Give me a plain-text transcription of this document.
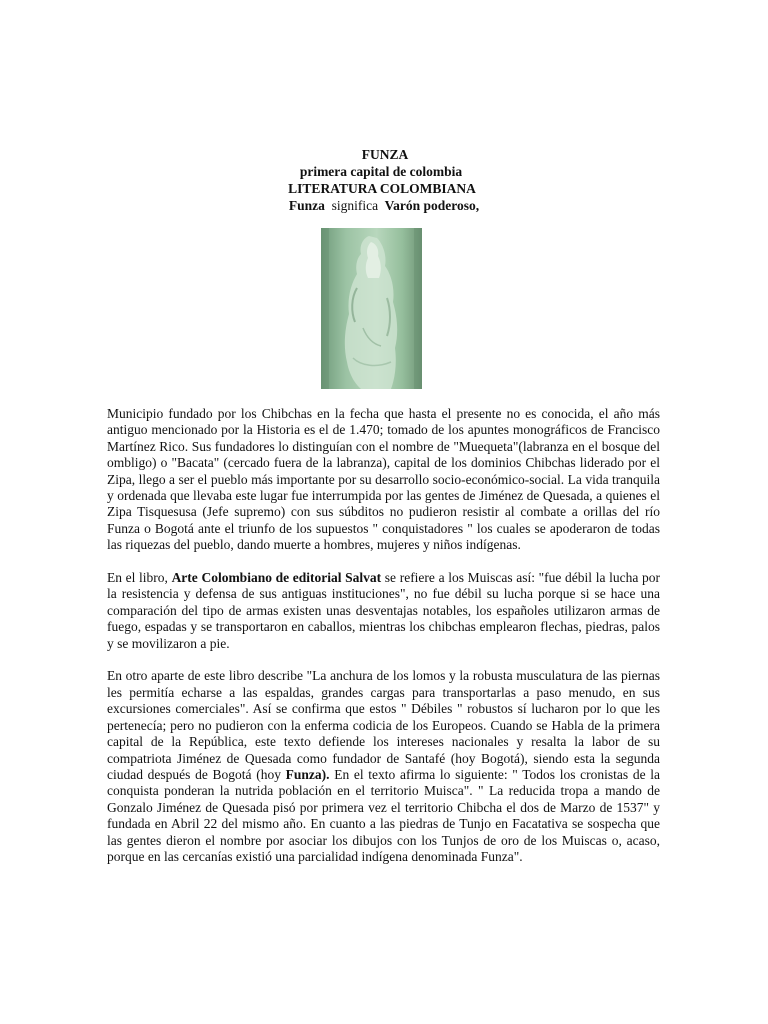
FUNZA
primera capital de colombia
LITERATURA COLOMBIANA
Funza significa Varón poderoso,

Municipio fundado por los Chibchas en la fecha que hasta el presente no es conocida, el año más antiguo mencionado por la Historia es el de 1.470; tomado de los apuntes monográficos de Francisco Martínez Rico. Sus fundadores lo distinguían con el nombre de "Muequeta"(labranza en el bosque del ombligo) o "Bacata" (cercado fuera de la labranza), capital de los dominios Chibchas liderado por el Zipa, llego a ser el pueblo más importante por su desarrollo socio-económico-social. La vida tranquila y ordenada que llevaba este lugar fue interrumpida por las gentes de Jiménez de Quesada, a quienes el Zipa Tisquesusa (Jefe supremo) con sus súbditos no pudieron resistir al combate a orillas del río Funza o Bogotá ante el triunfo de los supuestos " conquistadores " los cuales se apoderaron de todas las riquezas del pueblo, dando muerte a hombres, mujeres y niños indígenas.

En el libro, Arte Colombiano de editorial Salvat se refiere a los Muiscas así: "fue débil la lucha por la resistencia y defensa de sus antiguas instituciones", no fue débil su lucha porque si se hace una comparación del tipo de armas existen unas desventajas notables, los españoles utilizaron armas de fuego, espadas y se transportaron en caballos, mientras los chibchas emplearon flechas, piedras, palos y se movilizaron a pie.

En otro aparte de este libro describe "La anchura de los lomos y la robusta musculatura de las piernas les permitía echarse a las espaldas, grandes cargas para transportarlas a paso menudo, en sus excursiones comerciales". Así se confirma que estos " Débiles " robustos sí lucharon por lo que les pertenecía; pero no pudieron con la enferma codicia de los Europeos. Cuando se Habla de la primera capital de la República, este texto defiende los intereses nacionales y resalta la labor de su compatriota Jiménez de Quesada como fundador de Santafé (hoy Bogotá), siendo esta la segunda ciudad después de Bogotá (hoy Funza). En el texto afirma lo siguiente: " Todos los cronistas de la conquista ponderan la nutrida población en el territorio Muisca". " La reducida tropa a mando de Gonzalo Jiménez de Quesada pisó por primera vez el territorio Chibcha el dos de Marzo de 1537" y fundada en Abril 22 del mismo año. En cuanto a las piedras de Tunjo en Facatativa se sospecha que las gentes dieron el nombre por asociar los dibujos con los Tunjos de oro de los Muiscas o, acaso, porque en las cercanías existió una parcialidad indígena denominada Funza".
